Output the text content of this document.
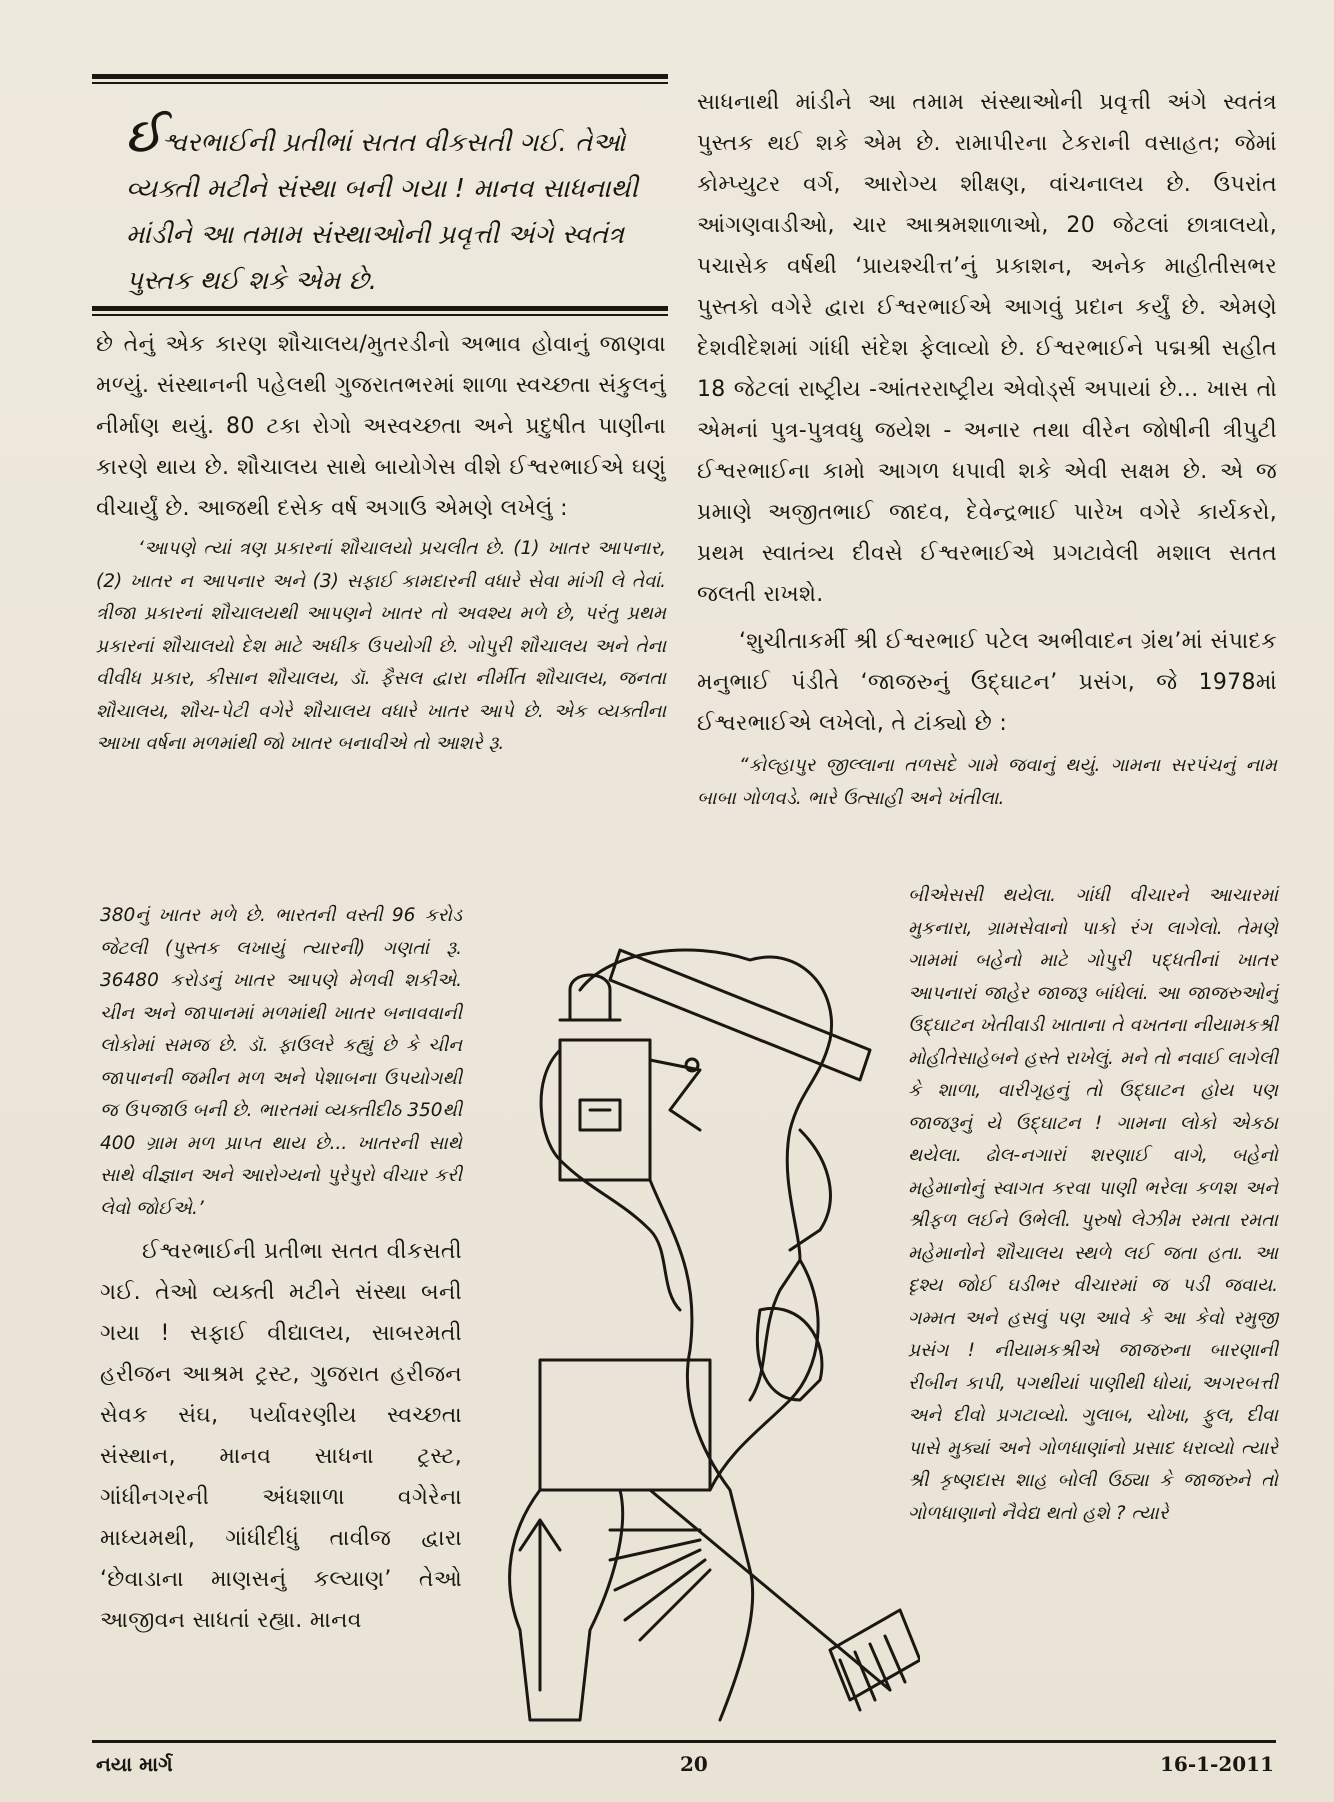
ઈશ્વરભાઈની પ્રતીભાં સતત વીકસતી ગઈ. તેઓ વ્યક્તી મટીને સંસ્થા બની ગયા ! માનવ સાધનાથી માંડીને આ તમામ સંસ્થાઓની પ્રવૃત્તી અંગે સ્વતંત્ર પુસ્તક થઈ શકે એમ છે.

છે તેનું એક કારણ શૌચાલય/મુતરડીનો અભાવ હોવાનું જાણવા મળ્યું. સંસ્થાનની પહેલથી ગુજરાતભરમાં શાળા સ્વચ્છતા સંકુલનું નીર્માણ થયું. 80 ટકા રોગો અસ્વચ્છતા અને પ્રદુષીત પાણીના કારણે થાય છે. શૌચાલય સાથે બાયોગેસ વીશે ઈશ્વરભાઈએ ઘણું વીચાર્યું છે. આજથી દસેક વર્ષ અગાઉ એમણે લખેલું :

‘આપણે ત્યાં ત્રણ પ્રકારનાં શૌચાલયો પ્રચલીત છે. (1) ખાતર આપનાર, (2) ખાતર ન આપનાર અને (3) સફાઈ કામદારની વધારે સેવા માંગી લે તેવાં. ત્રીજા પ્રકારનાં શૌચાલયથી આપણને ખાતર તો અવશ્ય મળે છે, પરંતુ પ્રથમ પ્રકારનાં શૌચાલયો દેશ માટે અધીક ઉપયોગી છે. ગોપુરી શૌચાલય અને તેના વીવીધ પ્રકાર, કીસાન શૌચાલય, ડૉ. ફૈસલ દ્વારા નીર્મીત શૌચાલય, જનતા શૌચાલય, શૌચ-પેટી વગેરે શૌચાલય વધારે ખાતર આપે છે. એક વ્યક્તીના આખા વર્ષના મળમાંથી જો ખાતર બનાવીએ તો આશરે રૂ.

380નું ખાતર મળે છે. ભારતની વસ્તી 96 કરોડ જેટલી (પુસ્તક લખાયું ત્યારની) ગણતાં રૂ. 36480 કરોડનું ખાતર આપણે મેળવી શકીએ. ચીન અને જાપાનમાં મળમાંથી ખાતર બનાવવાની લોકોમાં સમજ છે. ડૉ. ફાઉલરે કહ્યું છે કે ચીન જાપાનની જમીન મળ અને પેશાબના ઉપયોગથી જ ઉપજાઉ બની છે. ભારતમાં વ્યક્તીદીઠ 350થી 400 ગ્રામ મળ પ્રાપ્ત થાય છે... ખાતરની સાથે સાથે વીજ્ઞાન અને આરોગ્યનો પુરેપુરો વીચાર કરી લેવો જોઈએ.’

ઈશ્વરભાઈની પ્રતીભા સતત વીકસતી ગઈ. તેઓ વ્યક્તી મટીને સંસ્થા બની ગયા ! સફાઈ વીદ્યાલય, સાબરમતી હરીજન આશ્રમ ટ્રસ્ટ, ગુજરાત હરીજન સેવક સંઘ, પર્યાવરણીય સ્વચ્છતા સંસ્થાન, માનવ સાધના ટ્રસ્ટ, ગાંધીનગરની અંધશાળા વગેરેના માધ્યમથી, ગાંધીદીધું તાવીજ દ્વારા ‘છેવાડાના માણસનું કલ્યાણ’ તેઓ આજીવન સાધતાં રહ્યા. માનવ

સાધનાથી માંડીને આ તમામ સંસ્થાઓની પ્રવૃત્તી અંગે સ્વતંત્ર પુસ્તક થઈ શકે એમ છે. રામાપીરના ટેકરાની વસાહત; જેમાં કોમ્પ્યુટર વર્ગ, આરોગ્ય શીક્ષણ, વાંચનાલય છે. ઉપરાંત આંગણવાડીઓ, ચાર આશ્રમશાળાઓ, 20 જેટલાં છાત્રાલયો, પચાસેક વર્ષથી ‘પ્રાયશ્ચીત્ત’નું પ્રકાશન, અનેક માહીતીસભર પુસ્તકો વગેરે દ્વારા ઈશ્વરભાઈએ આગવું પ્રદાન કર્યું છે. એમણે દેશવીદેશમાં ગાંધી સંદેશ ફેલાવ્યો છે. ઈશ્વરભાઈને પદ્મશ્રી સહીત 18 જેટલાં રાષ્ટ્રીય -આંતરરાષ્ટ્રીય એવોર્ડ્સ અપાયાં છે... ખાસ તો એમનાં પુત્ર-પુત્રવધુ જયેશ - અનાર તથા વીરેન જોષીની ત્રીપુટી ઈશ્વરભાઈના કામો આગળ ધપાવી શકે એવી સક્ષમ છે. એ જ પ્રમાણે અજીતભાઈ જાદવ, દેવેન્દ્રભાઈ પારેખ વગેરે કાર્યકરો, પ્રથમ સ્વાતંત્ર્ય દીવસે ઈશ્વરભાઈએ પ્રગટાવેલી મશાલ સતત જલતી રાખશે.

‘શુચીતાકર્મી શ્રી ઈશ્વરભાઈ પટેલ અભીવાદન ગ્રંથ’માં સંપાદક મનુભાઈ પંડીતે ‘જાજરુનું ઉદ્‌ઘાટન’ પ્રસંગ, જે 1978માં ઈશ્વરભાઈએ લખેલો, તે ટાંક્યો છે :

“કોલ્હાપુર જીલ્લાના તળસદે ગામે જવાનું થયું. ગામના સરપંચનું નામ બાબા ગોળવડે. ભારે ઉત્સાહી અને ખંતીલા.

બીએસસી થયેલા. ગાંધી વીચારને આચારમાં મુકનારા, ગ્રામસેવાનો પાકો રંગ લાગેલો. તેમણે ગામમાં બહેનો માટે ગોપુરી પદ્ધતીનાં ખાતર આપનારાં જાહેર જાજરૂ બાંધેલાં. આ જાજરુઓનું ઉદ્‌ઘાટન ખેતીવાડી ખાતાના તે વખતના નીયામકશ્રી મોહીતેસાહેબને હસ્તે રાખેલું. મને તો નવાઈ લાગેલી કે શાળા, વારીગૃહનું તો ઉદ્‌ઘાટન હોય પણ જાજરૂનું યે ઉદ્‌ઘાટન ! ગામના લોકો એકઠા થયેલા. ઢોલ-નગારાં શરણાઈ વાગે, બહેનો મહેમાનોનું સ્વાગત કરવા પાણી ભરેલા કળશ અને શ્રીફળ લઈને ઉભેલી. પુરુષો લેઝીમ રમતા રમતા મહેમાનોને શૌચાલય સ્થળે લઈ જતા હતા. આ દૃશ્ય જોઈ ઘડીભર વીચારમાં જ પડી જવાય. ગમ્મત અને હસવું પણ આવે કે આ કેવો રમુજી પ્રસંગ ! નીયામકશ્રીએ જાજરુના બારણાની રીબીન કાપી, પગથીયાં પાણીથી ધોયાં, અગરબત્તી અને દીવો પ્રગટાવ્યો. ગુલાબ, ચોખા, ફુલ, દીવા પાસે મુક્યાં અને ગોળધાણાંનો પ્રસાદ ધરાવ્યો ત્યારે શ્રી કૃષ્ણદાસ શાહ બોલી ઉઠ્યા કે જાજરુને તો ગોળધાણાનો નૈવેદ્ય થતો હશે ? ત્યારે

નયા માર્ગ	20	16-1-2011
